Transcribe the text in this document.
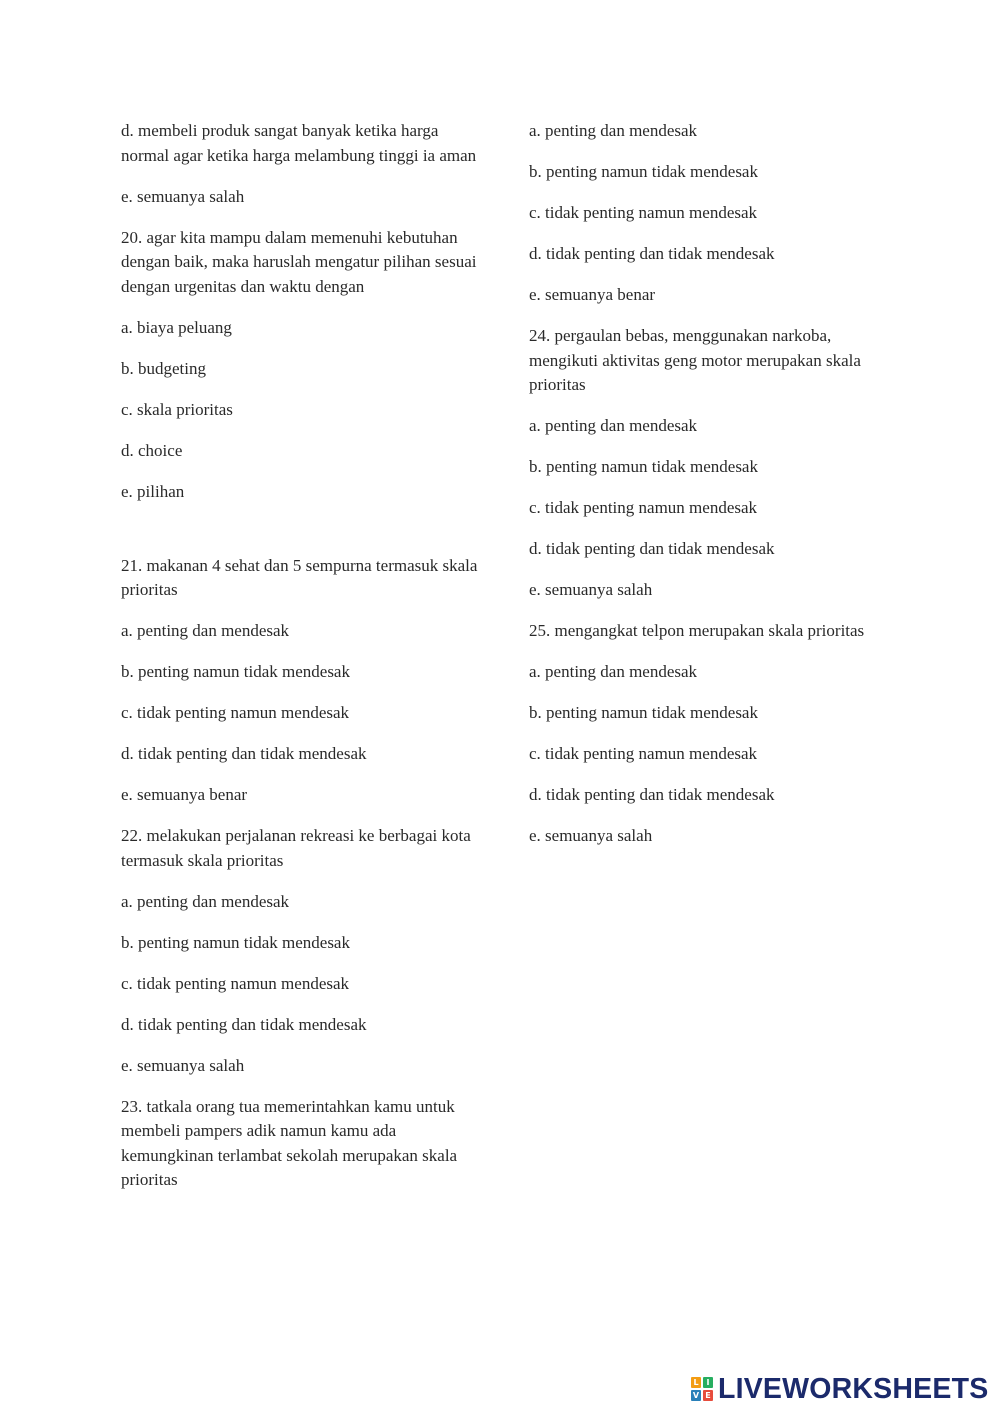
d. membeli produk sangat banyak ketika harga normal agar ketika harga melambung tinggi ia aman

e. semuanya salah

20. agar kita mampu dalam memenuhi kebutuhan dengan baik, maka haruslah mengatur pilihan sesuai dengan urgenitas dan waktu dengan

a. biaya peluang

b. budgeting

c. skala prioritas

d. choice

e. pilihan

21. makanan 4 sehat dan 5 sempurna termasuk skala prioritas

a. penting dan mendesak

b. penting namun tidak mendesak

c. tidak penting namun mendesak

d. tidak penting dan tidak mendesak

e. semuanya benar

22. melakukan perjalanan rekreasi ke berbagai kota termasuk skala prioritas

a. penting dan mendesak

b. penting namun tidak mendesak

c. tidak penting namun mendesak

d. tidak penting dan tidak mendesak

e. semuanya salah

23. tatkala orang tua memerintahkan kamu untuk membeli pampers adik namun kamu ada kemungkinan terlambat sekolah merupakan skala prioritas

a. penting dan mendesak

b. penting namun tidak mendesak

c. tidak penting namun mendesak

d. tidak penting dan tidak mendesak

e. semuanya benar

24. pergaulan bebas, menggunakan narkoba, mengikuti aktivitas geng motor merupakan skala prioritas

a. penting dan mendesak

b. penting namun tidak mendesak

c. tidak penting namun mendesak

d. tidak penting dan tidak mendesak

e. semuanya salah

25. mengangkat telpon merupakan skala prioritas

a. penting dan mendesak

b. penting namun tidak mendesak

c. tidak penting namun mendesak

d. tidak penting dan tidak mendesak

e. semuanya salah

L I
V E LIVEWORKSHEETS
